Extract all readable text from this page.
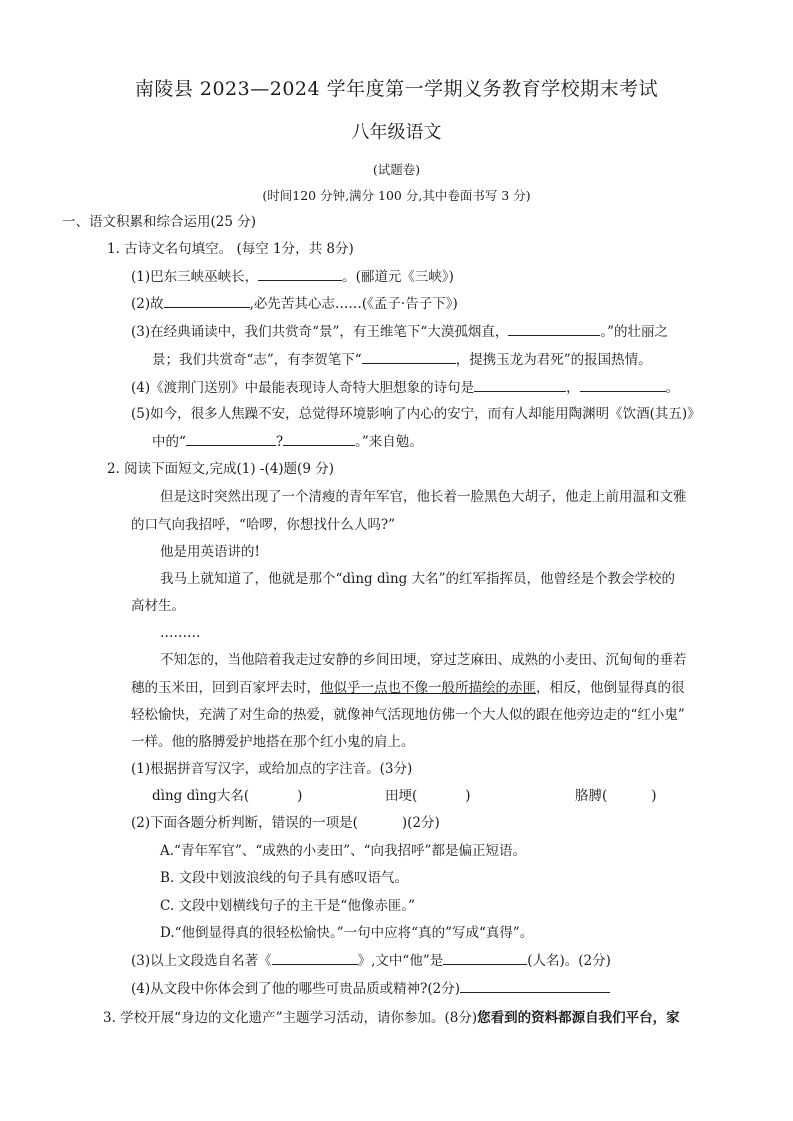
南陵县 2023—2024 学年度第一学期义务教育学校期末考试
八年级语文
(试题卷)
(时间120 分钟,满分 100 分,其中卷面书写 3 分)
一、语文积累和综合运用(25 分)
1. 古诗文名句填空。 (每空 1分，共 8分)
(1)巴东三峡巫峡长，	。(郦道元《三峡》)
(2)故	,必先苦其心志……(《孟子·告子下》)
(3)在经典诵读中，我们共赏奇“景”，有王维笔下“大漠孤烟直，	。”的壮丽之
景；我们共赏奇“志”，有李贺笔下“	，提携玉龙为君死”的报国热情。
(4)《渡荆门送别》中最能表现诗人奇特大胆想象的诗句是	，	。
(5)如今，很多人焦躁不安，总觉得环境影响了内心的安宁，而有人却能用陶渊明《饮酒(其五)》
中的“	?	。”来自勉。
2. 阅读下面短文,完成(1) -(4)题(9 分)
但是这时突然出现了一个清瘦的青年军官，他长着一脸黑色大胡子，他走上前用温和文雅
的口气向我招呼，“哈啰，你想找什么人吗?”
他是用英语讲的!
我马上就知道了，他就是那个“dìng dìng 大名”的红军指挥员，他曾经是个教会学校的
高材生。
………
不知怎的，当他陪着我走过安静的乡间田埂，穿过芝麻田、成熟的小麦田、沉甸甸的垂若
穗的玉米田，回到百家坪去时，他似乎一点也不像一般所描绘的赤匪，相反，他倒显得真的很
轻松愉快，充满了对生命的热爱，就像神气活现地仿佛一个大人似的跟在他旁边走的“红小鬼”
一样。他的胳膊爱护地搭在那个红小鬼的肩上。
(1)根据拼音写汉字，或给加点的字注音。(3分)
dìng dìng大名(	)	田埂(	)	胳膊(	)
(2)下面各题分析判断，错误的一项是(	)(2分)
A.“青年军官”、“成熟的小麦田”、“向我招呼”都是偏正短语。
B. 文段中划波浪线的句子具有感叹语气。
C. 文段中划横线句子的主干是“他像赤匪。”
D.“他倒显得真的很轻松愉快。”一句中应将“真的”写成“真得”。
(3)以上文段选自名著《	》,文中“他”是	(人名)。(2分)
(4)从文段中你体会到了他的哪些可贵品质或精神?(2分)
3. 学校开展“身边的文化遗产”主题学习活动，请你参加。(8分)您看到的资料都源自我们平台，家
